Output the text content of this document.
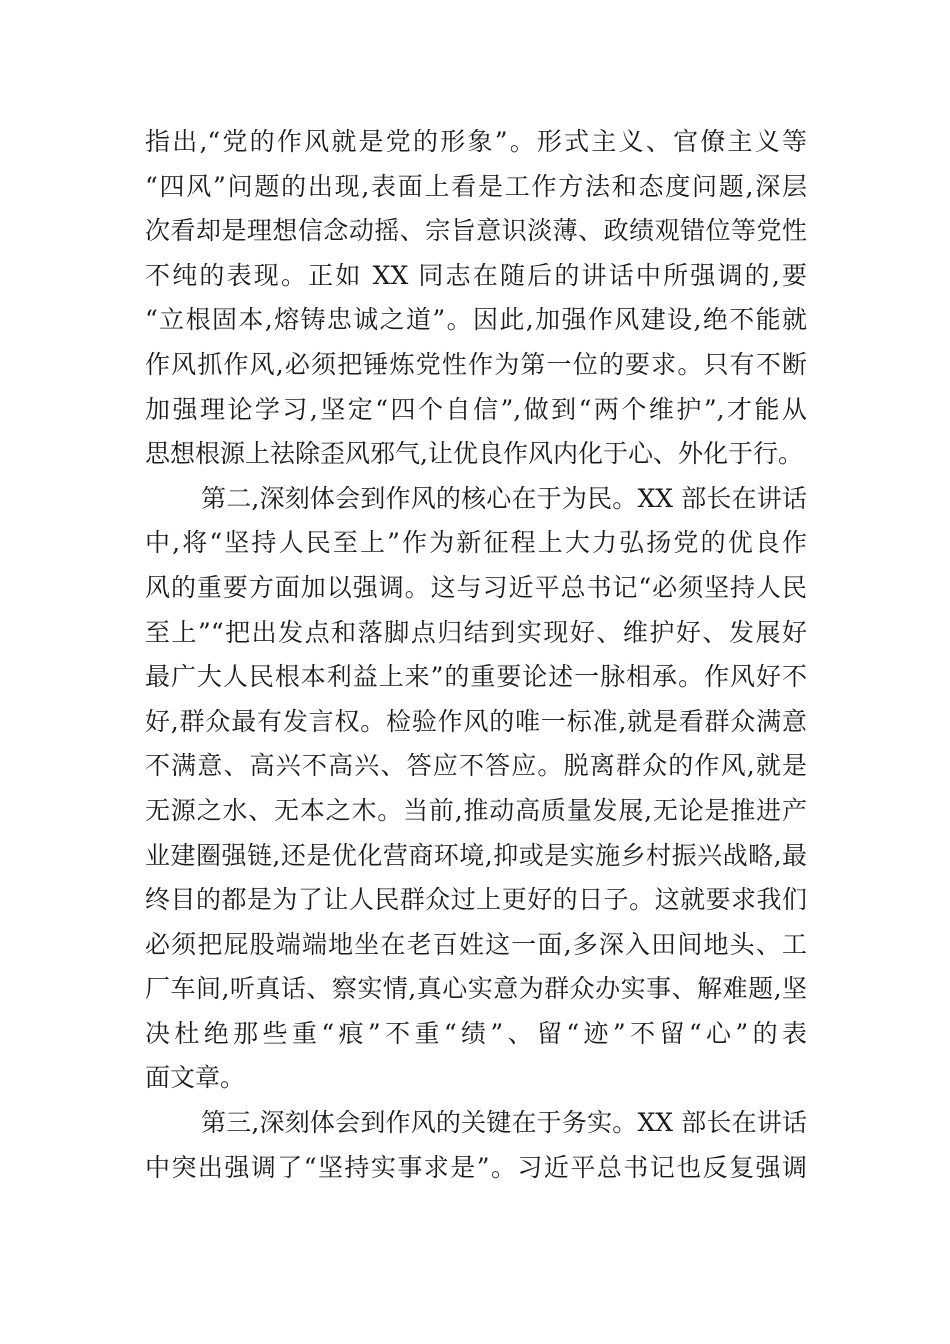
指出,“党的作风就是党的形象”。形式主义、官僚主义等
“四风”问题的出现,表面上看是工作方法和态度问题,深层
次看却是理想信念动摇、宗旨意识淡薄、政绩观错位等党性
不纯的表现。正如 XX 同志在随后的讲话中所强调的,要
“立根固本,熔铸忠诚之道”。因此,加强作风建设,绝不能就
作风抓作风,必须把锤炼党性作为第一位的要求。只有不断
加强理论学习,坚定“四个自信”,做到“两个维护”,才能从
思想根源上祛除歪风邪气,让优良作风内化于心、外化于行。
第二,深刻体会到作风的核心在于为民。XX 部长在讲话
中,将“坚持人民至上”作为新征程上大力弘扬党的优良作
风的重要方面加以强调。这与习近平总书记“必须坚持人民
至上”“把出发点和落脚点归结到实现好、维护好、发展好
最广大人民根本利益上来”的重要论述一脉相承。作风好不
好,群众最有发言权。检验作风的唯一标准,就是看群众满意
不满意、高兴不高兴、答应不答应。脱离群众的作风,就是
无源之水、无本之木。当前,推动高质量发展,无论是推进产
业建圈强链,还是优化营商环境,抑或是实施乡村振兴战略,最
终目的都是为了让人民群众过上更好的日子。这就要求我们
必须把屁股端端地坐在老百姓这一面,多深入田间地头、工
厂车间,听真话、察实情,真心实意为群众办实事、解难题,坚
决杜绝那些重“痕”不重“绩”、留“迹”不留“心”的表
面文章。
第三,深刻体会到作风的关键在于务实。XX 部长在讲话
中突出强调了“坚持实事求是”。习近平总书记也反复强调
